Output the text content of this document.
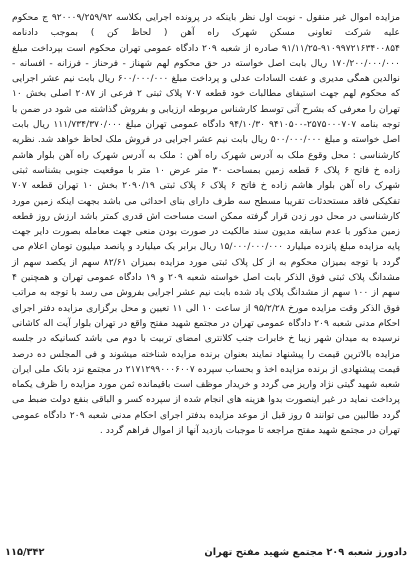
مزایده اموال غیر منقول - نوبت اول نظر باینکه در پرونده اجرایی بکلاسه ۹۲۰۰۰۹/۲۵۹/۹۲ ج محکوم علیه شرکت تعاونی مسکن شهرک راه آهن ( لحاظ کن ) بموجب دادنامه ۹۱۰۹۹۷۲۱۶۳۴۰۰۸۵۴-۹۱/۱۱/۲۵ صادره از شعبه ۲۰۹ دادگاه عمومی تهران محکوم است بپرداخت مبلغ ۱۷۰/۲۰۰/۰۰۰/۰۰۰ ریال بابت اصل خواسته در حق محکوم لهم شهناز - فرحناز - فرزانه - افسانه - نوالدین همگی مدیری و عفت السادات عدلی و پرداخت مبلغ ۶۰۰/۰۰۰/۰۰۰ ریال بابت نیم عشر اجرایی که محکوم لهم جهت استیفای مطالبات خود قطعه ۷۰۷ پلاک ثبتی ۲ فرعی از ۲۰۸۷ اصلی بخش ۱۰ تهران را معرفی که بشرح آتی توسط کارشناس مربوطه ارزیابی و بفروش گذاشته می شود در ضمن با توجه بنامه ۲۵۷۵۰۰۰۷۰۷-۹۴۱۰۵۰۰ ۹۴/۱۰/۳۰ دادگاه عمومی تهران مبلغ ۱۱۱/۷۳۴/۳۷۰/۰۰۰ ریال بابت اصل خواسته و مبلغ ۵۰۰/۰۰۰/۰۰۰ ریال بابت نیم عشر اجرایی در فروش ملک لحاظ خواهد شد. نظریه کارشناسی : محل وقوع ملک به آدرس شهرک راه آهن : ملک به آدرس شهرک راه آهن بلوار هاشم زاده خ فاتح ۶ پلاک ۶ قطعه زمین بمساحت ۳۰ متر عرض ۱۰ متر با موقعیت جنوبی بشناسه ثبتی شهرک راه آهن بلوار هاشم زاده خ فاتح ۶ پلاک ۶ پلاک ثبتی ۲۰۹۰/۱۹ بخش ۱۰ تهران قطعه ۷۰۷ تفکیکی فاقد مستحدثات تقریبا مسطح سه طرف دارای بنای احداثی می باشد بجهت اینکه زمین مورد کارشناسی در محل دور زدن قرار گرفته ممکن است مساحت اش قدری کمتر باشد ارزش روز قطعه زمین مذکور با عدم سابقه مدیون سند مالکیت در صورت بودن منعی جهت معامله بصورت دایر جهت پایه مزایده مبلغ پانزده میلیارد ۱۵/۰۰۰/۰۰۰/۰۰۰ ریال برابر یک میلیارد و پانصد میلیون تومان اعلام می گردد با توجه بمیزان محکوم به از کل پلاک ثبتی مورد مزایده بمیزان ۸۲/۶۱ سهم از یکصد سهم از مشدانگ پلاک ثبتی فوق الذکر بابت اصل خواسته شعبه ۲۰۹ و ۱۹ دادگاه عمومی تهران و همچنین ۴ سهم از ۱۰۰ سهم از مشدانگ پلاک یاد شده بابت نیم عشر اجرایی بفروش می رسد با توجه به مراتب فوق الذکر وقت مزایده مورخ ۹۵/۲/۲۸ از ساعت ۱۰ الی ۱۱ تعیین و محل برگزاری مزایده دفتر اجرای احکام مدنی شعبه ۲۰۹ دادگاه عمومی تهران در مجتمع شهید مفتح واقع در تهران بلوار آیت اله کاشانی نرسیده به میدان شهر زیبا خ خابرات جنب کلانتری امضای تربیت با دوم می باشد کسانیکه در جلسه مزایده بالاترین قیمت را پیشنهاد نمایند بعنوان برنده مزایده شناخته میشوند و فی المجلس ده درصد قیمت پیشنهادی از برنده مزایده اخذ و بحساب سپرده ۲۱۷۱۲۹۹۰۰۰۶۰۰۷ در مجتمع نزد بانک ملی ایران شعبه شهید گیتی نژاد واریز می گردد و خریدار موظف است باقیمانده ثمن مورد مزایده را ظرف یکماه پرداخت نماید در غیر اینصورت بدوا هزینه های انجام شده از سپرده کسر و الباقی بنفع دولت ضبط می گردد طالبین می توانند ۵ روز قبل از موعد مزایده بدفتر اجرای احکام مدنی شعبه ۲۰۹ دادگاه عمومی تهران در مجتمع شهید مفتح مراجعه تا موجبات بازدید آنها از اموال فراهم گردد .

۱۱۵/۳۴۲	دادورز شعبه ۲۰۹ مجتمع شهید مفتح تهران
